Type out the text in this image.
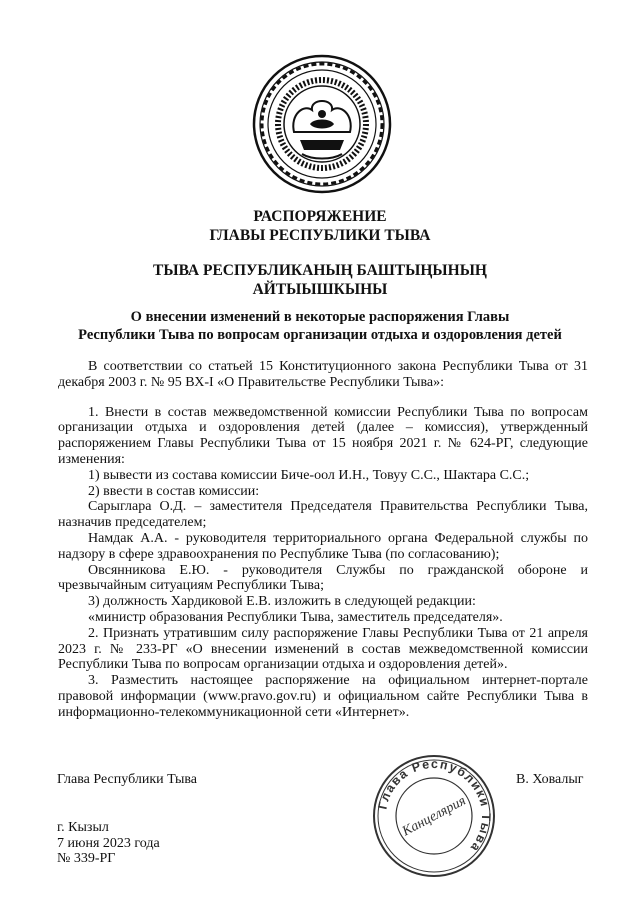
РАСПОРЯЖЕНИЕ
ГЛАВЫ РЕСПУБЛИКИ ТЫВА
ТЫВА РЕСПУБЛИКАНЫҢ БАШТЫҢЫНЫҢ
АЙТЫЫШКЫНЫ
О внесении изменений в некоторые распоряжения Главы
Республики Тыва по вопросам организации отдыха и оздоровления детей

В соответствии со статьей 15 Конституционного закона Республики Тыва от 31 декабря 2003 г. № 95 ВХ-I «О Правительстве Республики Тыва»:

1. Внести в состав межведомственной комиссии Республики Тыва по вопросам организации отдыха и оздоровления детей (далее – комиссия), утвержденный распоряжением Главы Республики Тыва от 15 ноября 2021 г. № 624-РГ, следующие изменения:

1) вывести из состава комиссии Биче-оол И.Н., Товуу С.С., Шактара С.С.;

2) ввести в состав комиссии:

Сарыглара О.Д. – заместителя Председателя Правительства Республики Тыва, назначив председателем;

Намдак А.А. - руководителя территориального органа Федеральной службы по надзору в сфере здравоохранения по Республике Тыва (по согласованию);

Овсянникова Е.Ю. - руководителя Службы по гражданской обороне и чрезвычайным ситуациям Республики Тыва;

3) должность Хардиковой Е.В. изложить в следующей редакции:

«министр образования Республики Тыва, заместитель председателя».

2. Признать утратившим силу распоряжение Главы Республики Тыва от 21 апреля 2023 г. № 233-РГ «О внесении изменений в состав межведомственной комиссии Республики Тыва по вопросам организации отдыха и оздоровления детей».

3. Разместить настоящее распоряжение на официальном интернет-портале правовой информации (www.pravo.gov.ru) и официальном сайте Республики Тыва в информационно-телекоммуникационной сети «Интернет».

Глава Республики Тыва	В. Ховалыг
Глава Республики Тыва
Канцелярия
г. Кызыл
7 июня 2023 года
№ 339-РГ
